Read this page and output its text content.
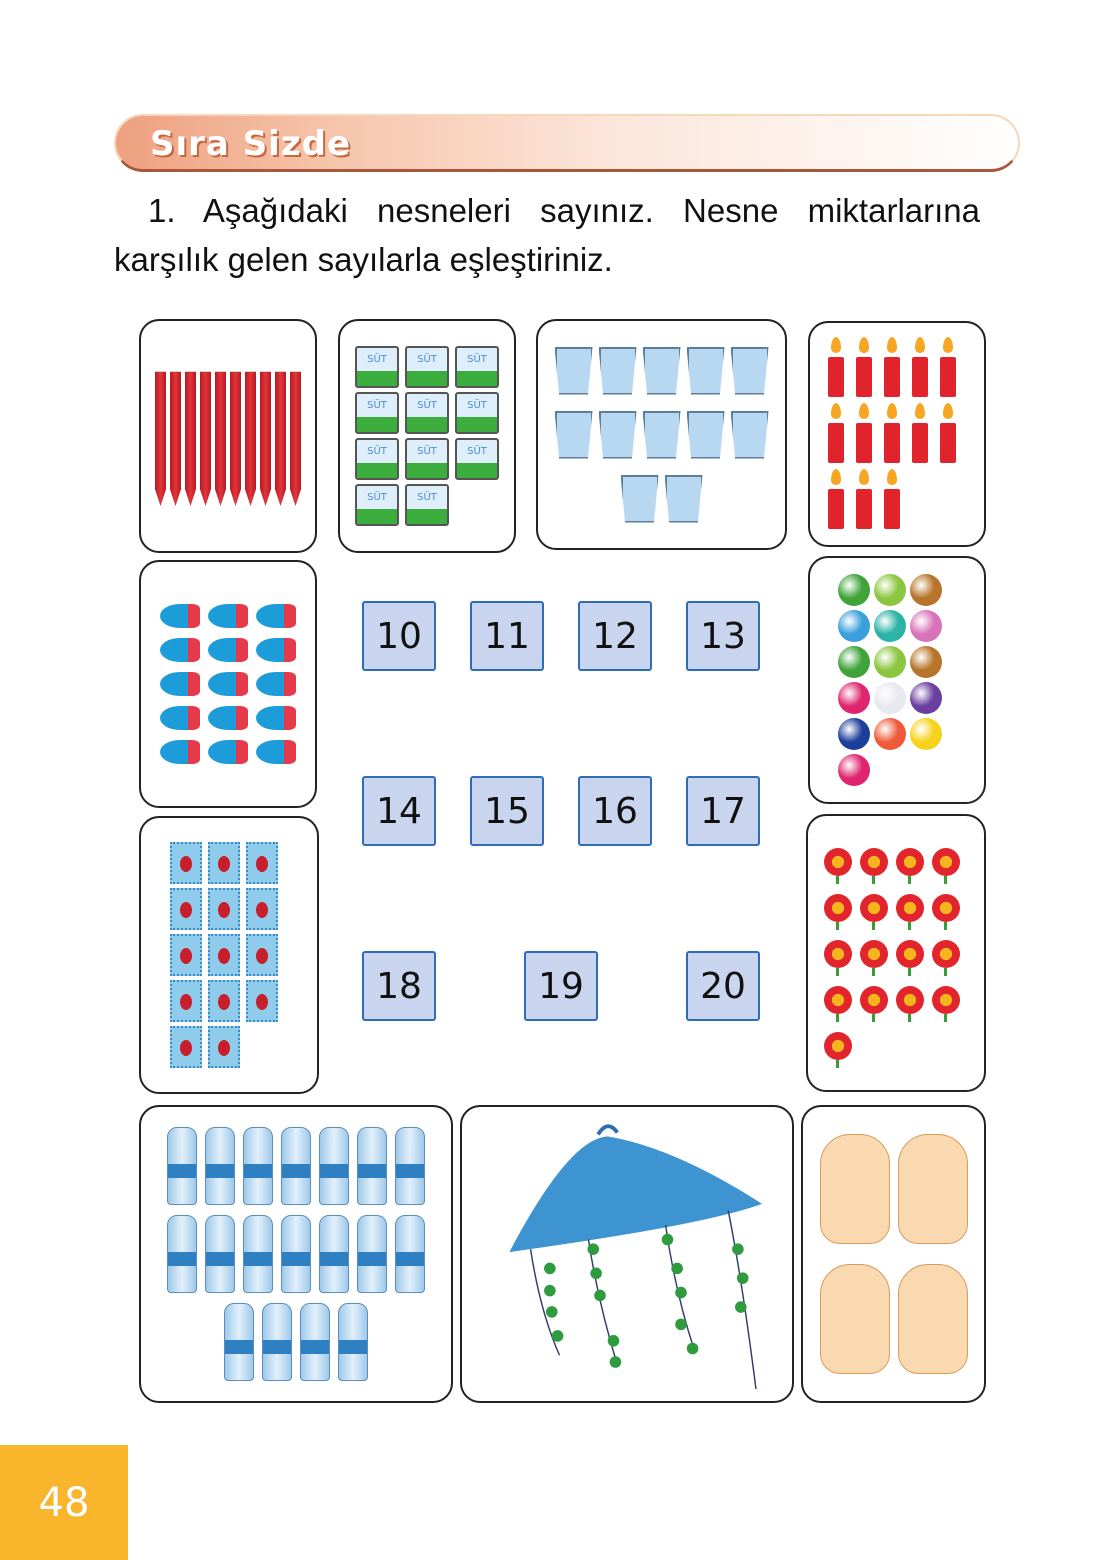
Sıra Sizde
1. Aşağıdaki nesneleri sayınız. Nesne miktarlarına
karşılık gelen sayılarla eşleştiriniz.
SÜT	SÜT	SÜT
SÜT	SÜT	SÜT
SÜT	SÜT	SÜT
SÜT	SÜT
10	11	12	13
14	15	16	17
18	19	20
48
